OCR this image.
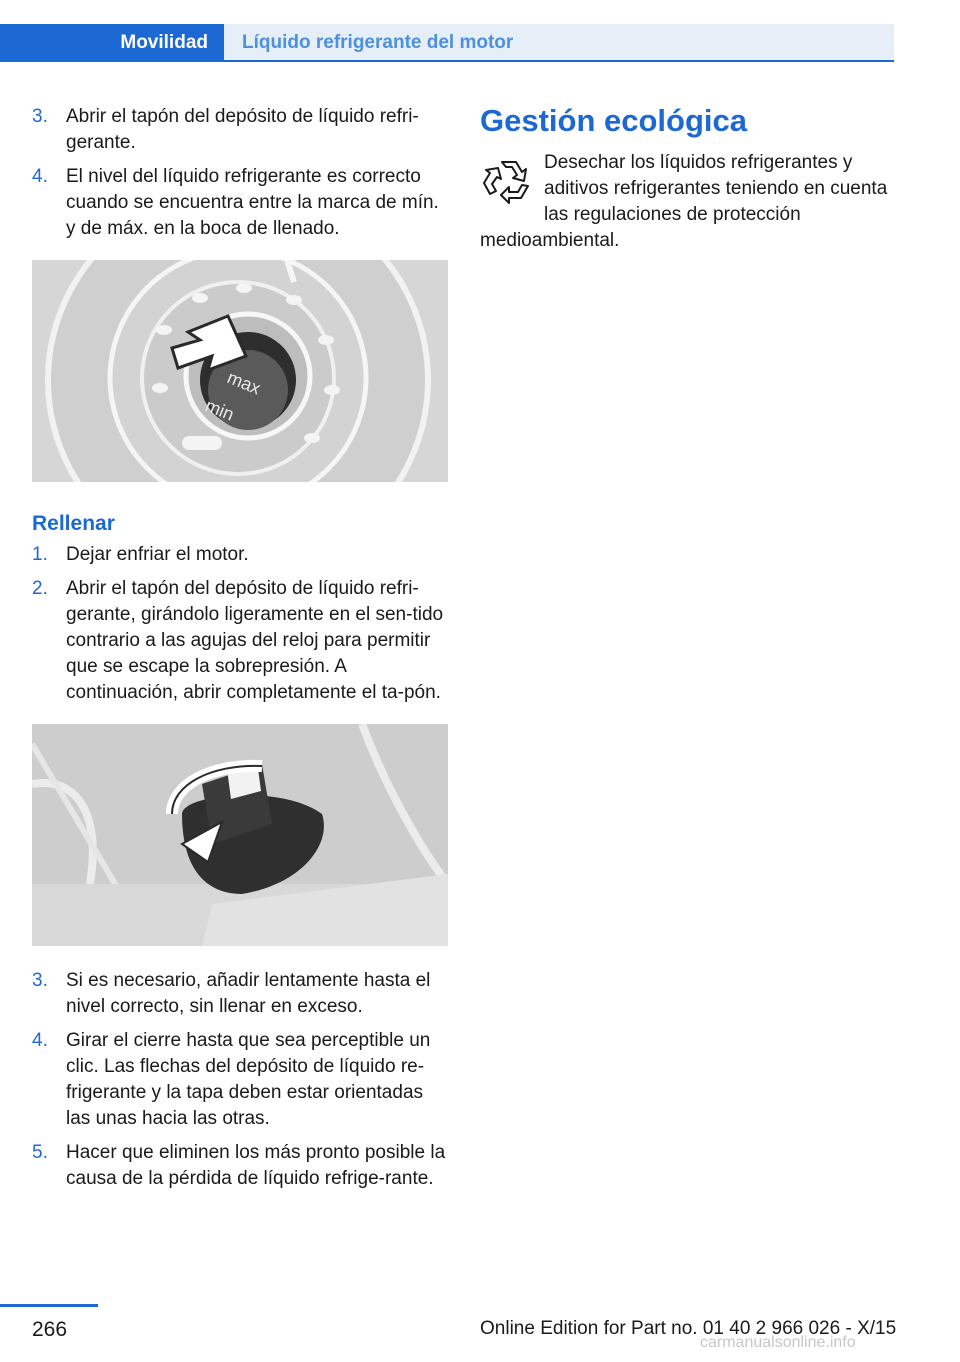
Movilidad	Líquido refrigerante del motor
3. Abrir el tapón del depósito de líquido refri‐gerante.
4. El nivel del líquido refrigerante es correcto cuando se encuentra entre la marca de mín. y de máx. en la boca de llenado.
max
min
Rellenar
1. Dejar enfriar el motor.
2. Abrir el tapón del depósito de líquido refri‐gerante, girándolo ligeramente en el sen‐tido contrario a las agujas del reloj para permitir que se escape la sobrepresión. A continuación, abrir completamente el ta‐pón.
3. Si es necesario, añadir lentamente hasta el nivel correcto, sin llenar en exceso.
4. Girar el cierre hasta que sea perceptible un clic. Las flechas del depósito de líquido re‐frigerante y la tapa deben estar orientadas las unas hacia las otras.
5. Hacer que eliminen los más pronto posible la causa de la pérdida de líquido refrige‐rante.
Gestión ecológica
Desechar los líquidos refrigerantes y aditivos refrigerantes teniendo en cuenta las regulaciones de protección medioambiental.
266	Online Edition for Part no. 01 40 2 966 026 - X/15
carmanualsonline.info
